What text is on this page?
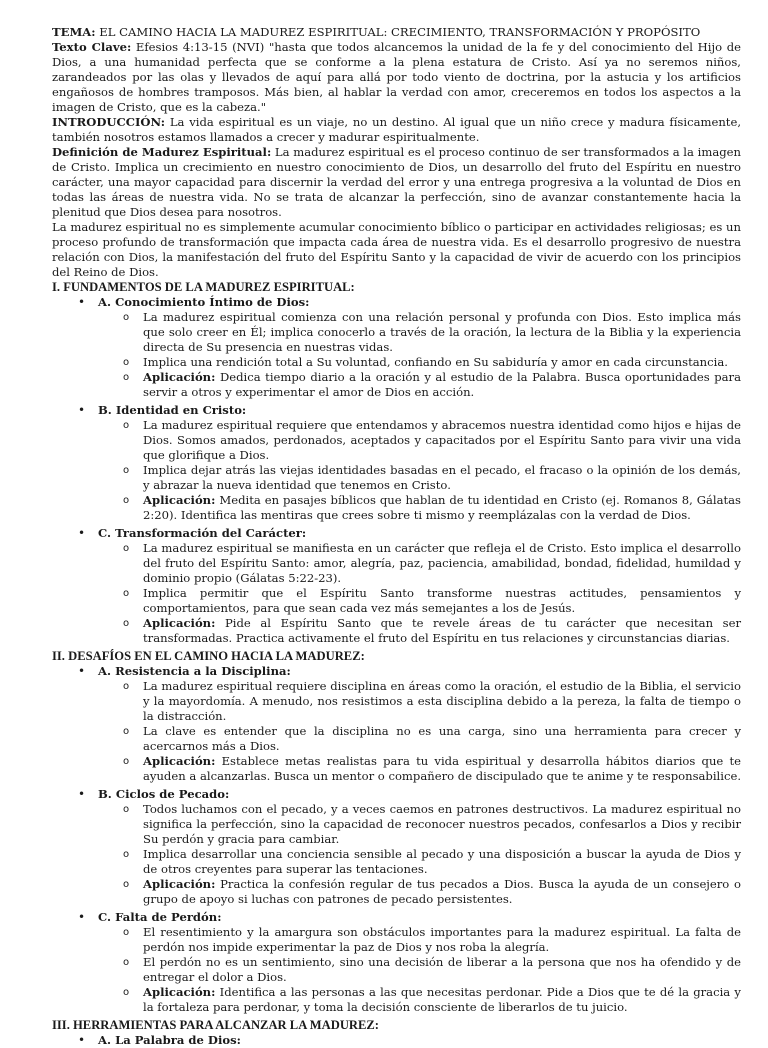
TEMA: EL CAMINO HACIA LA MADUREZ ESPIRITUAL: CRECIMIENTO, TRANSFORMACIÓN Y PROPÓSITO

Texto Clave: Efesios 4:13-15 (NVI) "hasta que todos alcancemos la unidad de la fe y del conocimiento del Hijo de Dios, a una humanidad perfecta que se conforme a la plena estatura de Cristo. Así ya no seremos niños, zarandeados por las olas y llevados de aquí para allá por todo viento de doctrina, por la astucia y los artificios engañosos de hombres tramposos. Más bien, al hablar la verdad con amor, creceremos en todos los aspectos a la imagen de Cristo, que es la cabeza."

INTRODUCCIÓN: La vida espiritual es un viaje, no un destino. Al igual que un niño crece y madura físicamente, también nosotros estamos llamados a crecer y madurar espiritualmente.

Definición de Madurez Espiritual: La madurez espiritual es el proceso continuo de ser transformados a la imagen de Cristo. Implica un crecimiento en nuestro conocimiento de Dios, un desarrollo del fruto del Espíritu en nuestro carácter, una mayor capacidad para discernir la verdad del error y una entrega progresiva a la voluntad de Dios en todas las áreas de nuestra vida. No se trata de alcanzar la perfección, sino de avanzar constantemente hacia la plenitud que Dios desea para nosotros.

La madurez espiritual no es simplemente acumular conocimiento bíblico o participar en actividades religiosas; es un proceso profundo de transformación que impacta cada área de nuestra vida. Es el desarrollo progresivo de nuestra relación con Dios, la manifestación del fruto del Espíritu Santo y la capacidad de vivir de acuerdo con los principios del Reino de Dios.

I. FUNDAMENTOS DE LA MADUREZ ESPIRITUAL:

• A. Conocimiento Íntimo de Dios:
o La madurez espiritual comienza con una relación personal y profunda con Dios. Esto implica más que solo creer en Él; implica conocerlo a través de la oración, la lectura de la Biblia y la experiencia directa de Su presencia en nuestras vidas.
o Implica una rendición total a Su voluntad, confiando en Su sabiduría y amor en cada circunstancia.
o Aplicación: Dedica tiempo diario a la oración y al estudio de la Palabra. Busca oportunidades para servir a otros y experimentar el amor de Dios en acción.
• B. Identidad en Cristo:
o La madurez espiritual requiere que entendamos y abracemos nuestra identidad como hijos e hijas de Dios. Somos amados, perdonados, aceptados y capacitados por el Espíritu Santo para vivir una vida que glorifique a Dios.
o Implica dejar atrás las viejas identidades basadas en el pecado, el fracaso o la opinión de los demás, y abrazar la nueva identidad que tenemos en Cristo.
o Aplicación: Medita en pasajes bíblicos que hablan de tu identidad en Cristo (ej. Romanos 8, Gálatas 2:20). Identifica las mentiras que crees sobre ti mismo y reemplázalas con la verdad de Dios.
• C. Transformación del Carácter:
o La madurez espiritual se manifiesta en un carácter que refleja el de Cristo. Esto implica el desarrollo del fruto del Espíritu Santo: amor, alegría, paz, paciencia, amabilidad, bondad, fidelidad, humildad y dominio propio (Gálatas 5:22-23).
o Implica permitir que el Espíritu Santo transforme nuestras actitudes, pensamientos y comportamientos, para que sean cada vez más semejantes a los de Jesús.
o Aplicación: Pide al Espíritu Santo que te revele áreas de tu carácter que necesitan ser transformadas. Practica activamente el fruto del Espíritu en tus relaciones y circunstancias diarias.

II. DESAFÍOS EN EL CAMINO HACIA LA MADUREZ:

• A. Resistencia a la Disciplina:
o La madurez espiritual requiere disciplina en áreas como la oración, el estudio de la Biblia, el servicio y la mayordomía. A menudo, nos resistimos a esta disciplina debido a la pereza, la falta de tiempo o la distracción.
o La clave es entender que la disciplina no es una carga, sino una herramienta para crecer y acercarnos más a Dios.
o Aplicación: Establece metas realistas para tu vida espiritual y desarrolla hábitos diarios que te ayuden a alcanzarlas. Busca un mentor o compañero de discipulado que te anime y te responsabilice.
• B. Ciclos de Pecado:
o Todos luchamos con el pecado, y a veces caemos en patrones destructivos. La madurez espiritual no significa la perfección, sino la capacidad de reconocer nuestros pecados, confesarlos a Dios y recibir Su perdón y gracia para cambiar.
o Implica desarrollar una conciencia sensible al pecado y una disposición a buscar la ayuda de Dios y de otros creyentes para superar las tentaciones.
o Aplicación: Practica la confesión regular de tus pecados a Dios. Busca la ayuda de un consejero o grupo de apoyo si luchas con patrones de pecado persistentes.
• C. Falta de Perdón:
o El resentimiento y la amargura son obstáculos importantes para la madurez espiritual. La falta de perdón nos impide experimentar la paz de Dios y nos roba la alegría.
o El perdón no es un sentimiento, sino una decisión de liberar a la persona que nos ha ofendido y de entregar el dolor a Dios.
o Aplicación: Identifica a las personas a las que necesitas perdonar. Pide a Dios que te dé la gracia y la fortaleza para perdonar, y toma la decisión consciente de liberarlos de tu juicio.

III. HERRAMIENTAS PARA ALCANZAR LA MADUREZ:

• A. La Palabra de Dios:
